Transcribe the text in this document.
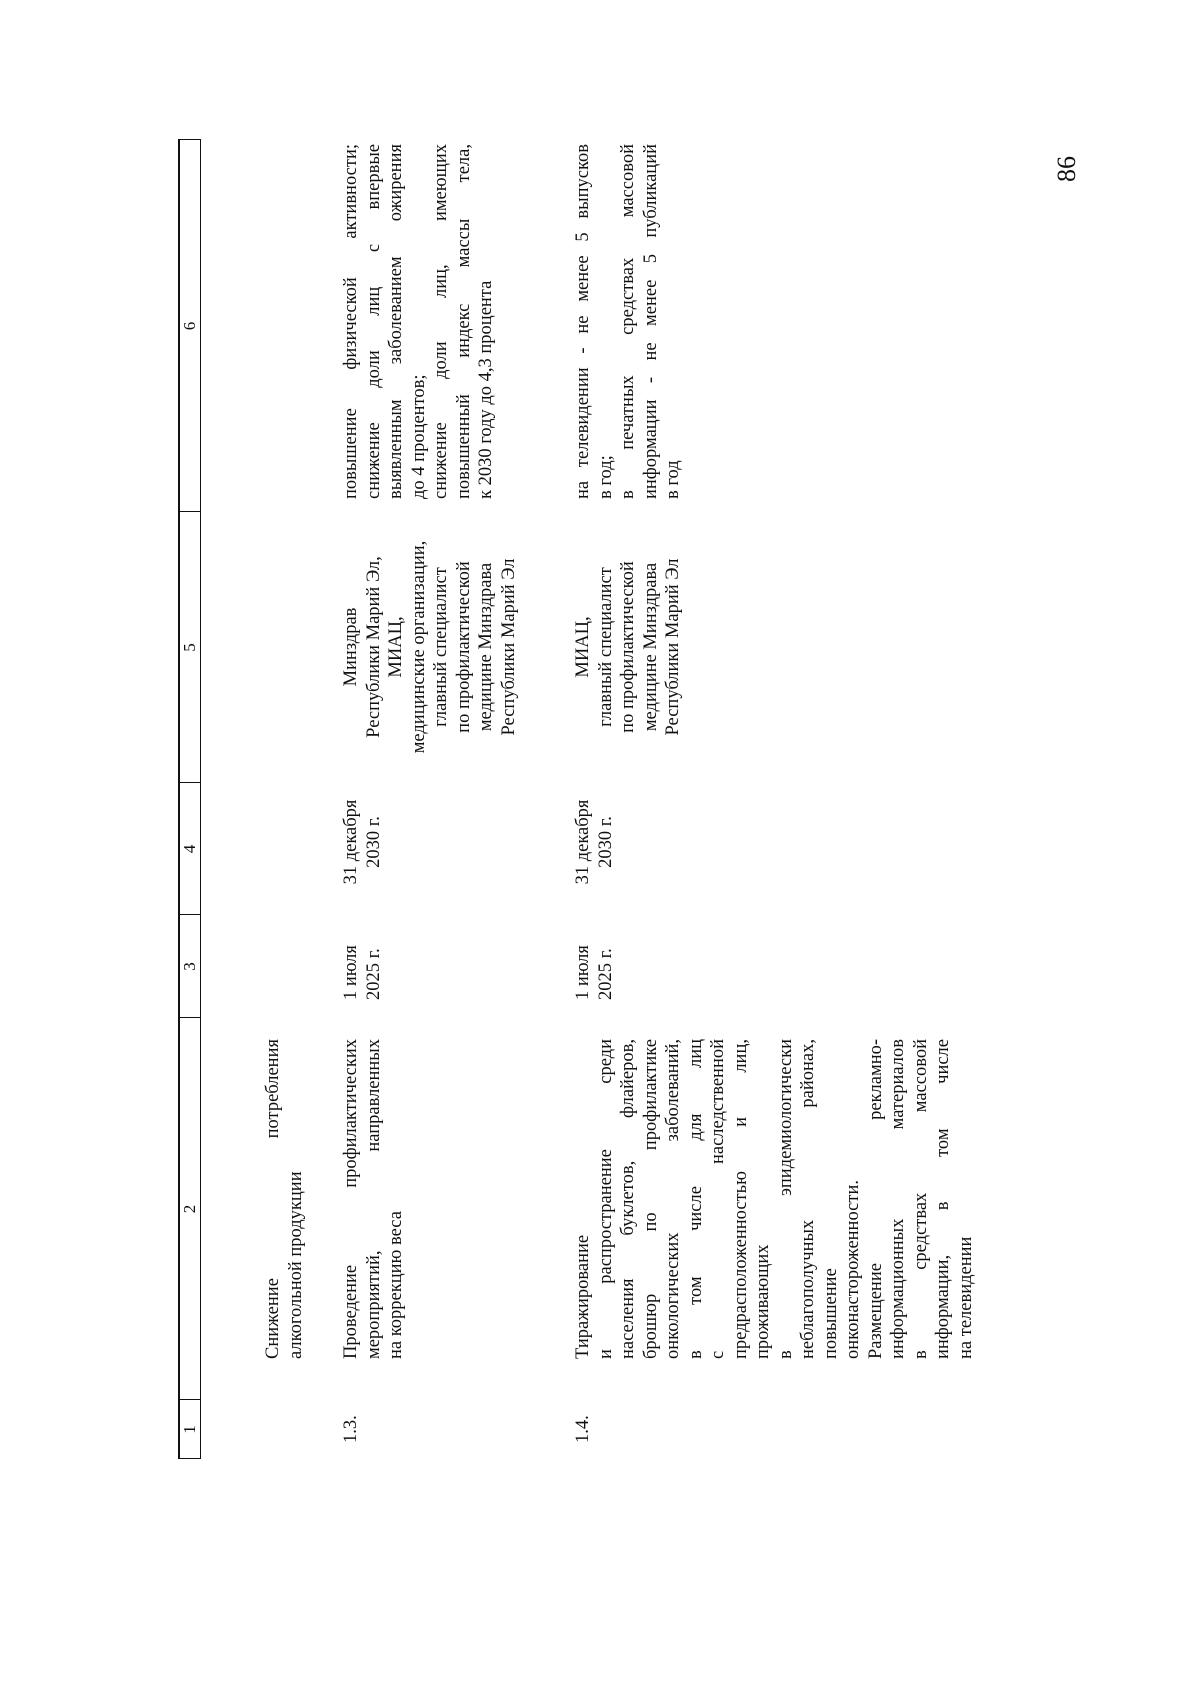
86
1
2
3
4
5
6
Снижение потребления алкогольной продукции
1.3.
Проведение профилактических мероприятий, направленных на коррекцию веса
1 июля 2025 г.
31 декабря 2030 г.
Минздрав Республики Марий Эл, МИАЦ, медицинские организации, главный специалист по профилактической медицине Минздрава Республики Марий Эл
повышение физической активности; снижение доли лиц с впервые выявленным заболеванием ожирения до 4 процентов; снижение доли лиц, имеющих повышенный индекс массы тела, к 2030 году до 4,3 процента
1.4.
Тиражирование и распространение среди населения буклетов, флайеров, брошюр по профилактике онкологических заболеваний, в том числе для лиц с наследственной предрасположенностью и лиц, проживающих в эпидемиологически неблагополучных районах, повышение онконастороженности. Размещение рекламно- информационных материалов в средствах массовой информации, в том числе на телевидении
1 июля 2025 г.
31 декабря 2030 г.
МИАЦ, главный специалист по профилактической медицине Минздрава Республики Марий Эл
на телевидении - не менее 5 выпусков в год; в печатных средствах массовой информации - не менее 5 публикаций в год
